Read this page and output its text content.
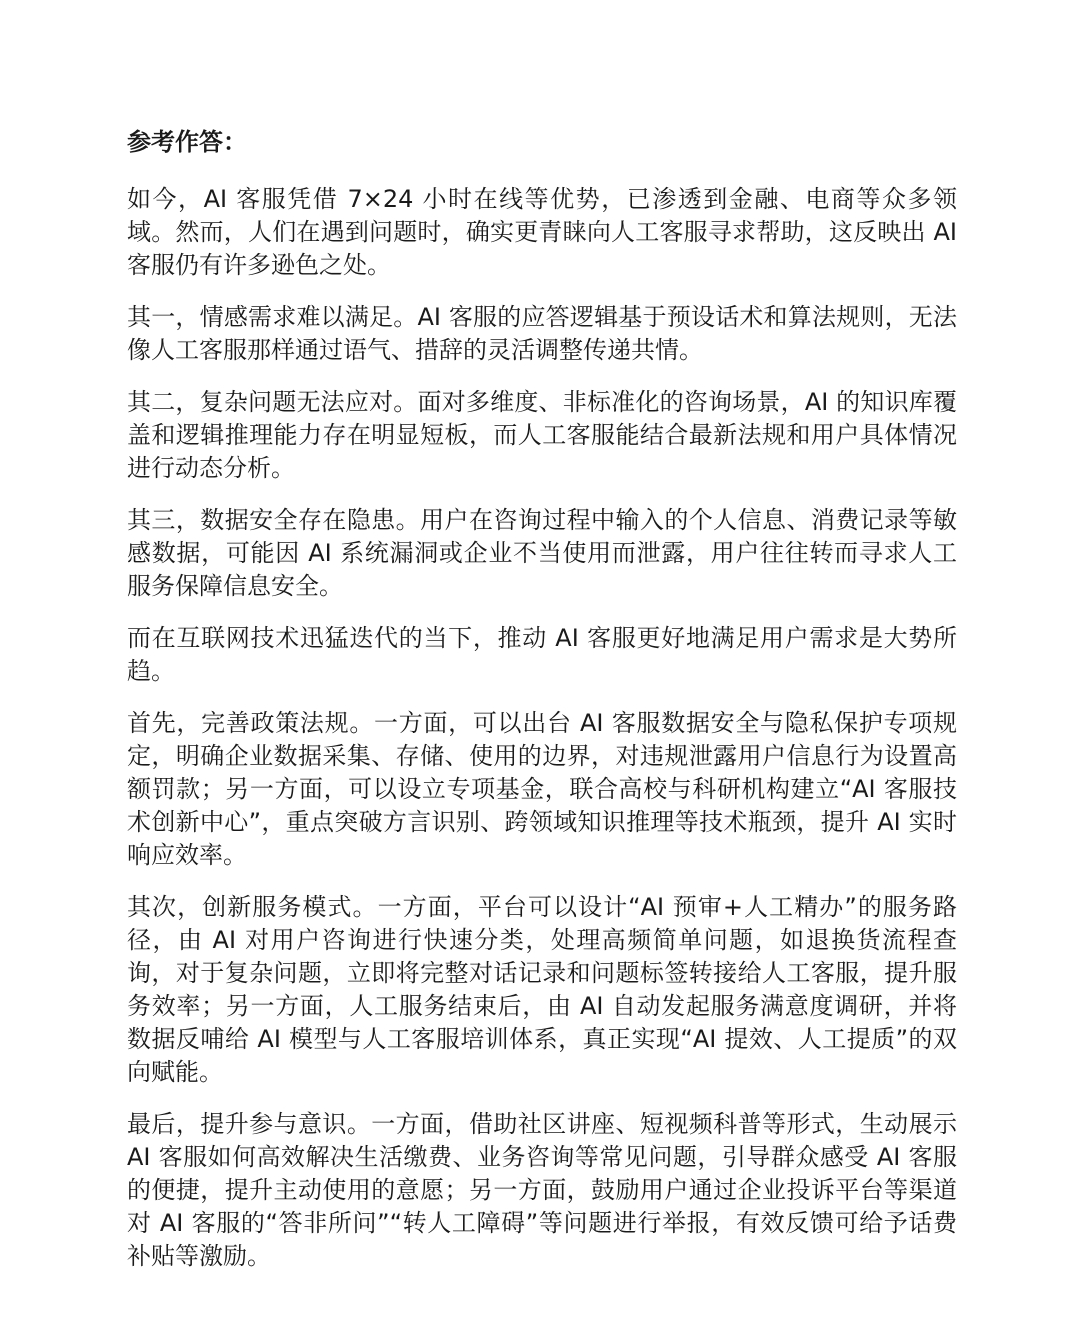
参考作答：

如今，AI 客服凭借 7×24 小时在线等优势，已渗透到金融、电商等众多领域。然而，人们在遇到问题时，确实更青睐向人工客服寻求帮助，这反映出 AI 客服仍有许多逊色之处。

其一，情感需求难以满足。AI 客服的应答逻辑基于预设话术和算法规则，无法像人工客服那样通过语气、措辞的灵活调整传递共情。

其二，复杂问题无法应对。面对多维度、非标准化的咨询场景，AI 的知识库覆盖和逻辑推理能力存在明显短板，而人工客服能结合最新法规和用户具体情况进行动态分析。

其三，数据安全存在隐患。用户在咨询过程中输入的个人信息、消费记录等敏感数据，可能因 AI 系统漏洞或企业不当使用而泄露，用户往往转而寻求人工服务保障信息安全。

而在互联网技术迅猛迭代的当下，推动 AI 客服更好地满足用户需求是大势所趋。

首先，完善政策法规。一方面，可以出台 AI 客服数据安全与隐私保护专项规定，明确企业数据采集、存储、使用的边界，对违规泄露用户信息行为设置高额罚款；另一方面，可以设立专项基金，联合高校与科研机构建立“AI 客服技术创新中心”，重点突破方言识别、跨领域知识推理等技术瓶颈，提升 AI 实时响应效率。

其次，创新服务模式。一方面，平台可以设计“AI 预审+人工精办”的服务路径，由 AI 对用户咨询进行快速分类，处理高频简单问题，如退换货流程查询，对于复杂问题，立即将完整对话记录和问题标签转接给人工客服，提升服务效率；另一方面，人工服务结束后，由 AI 自动发起服务满意度调研，并将数据反哺给 AI 模型与人工客服培训体系，真正实现“AI 提效、人工提质”的双向赋能。

最后，提升参与意识。一方面，借助社区讲座、短视频科普等形式，生动展示 AI 客服如何高效解决生活缴费、业务咨询等常见问题，引导群众感受 AI 客服的便捷，提升主动使用的意愿；另一方面，鼓励用户通过企业投诉平台等渠道对 AI 客服的“答非所问”“转人工障碍”等问题进行举报，有效反馈可给予话费补贴等激励。
